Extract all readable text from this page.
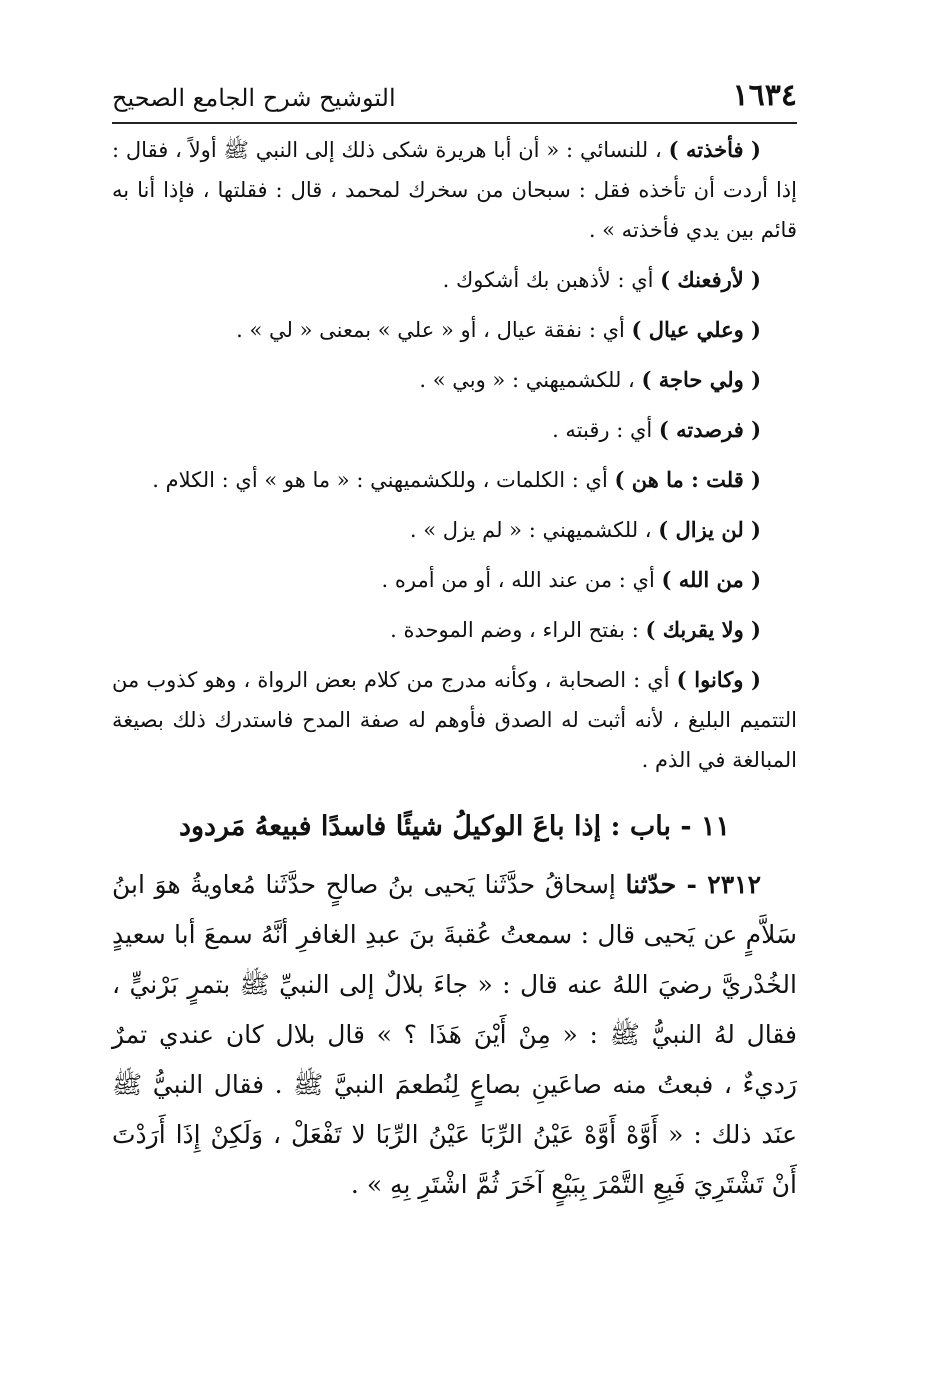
١٦٣٤
التوشيح شرح الجامع الصحيح

( فأخذته ) ، للنسائي : « أن أبا هريرة شكى ذلك إلى النبي ﷺ أولاً ، فقال : إذا أردت أن تأخذه فقل : سبحان من سخرك لمحمد ، قال : فقلتها ، فإذا أنا به قائم بين يدي فأخذته » .

( لأرفعنك ) أي : لأذهبن بك أشكوك .

( وعلي عيال ) أي : نفقة عيال ، أو « علي » بمعنى « لي » .

( ولي حاجة ) ، للكشميهني : « وبي » .

( فرصدته ) أي : رقبته .

( قلت : ما هن ) أي : الكلمات ، وللكشميهني : « ما هو » أي : الكلام .

( لن يزال ) ، للكشميهني : « لم يزل » .

( من الله ) أي : من عند الله ، أو من أمره .

( ولا يقربك ) : بفتح الراء ، وضم الموحدة .

( وكانوا ) أي : الصحابة ، وكأنه مدرج من كلام بعض الرواة ، وهو كذوب من التتميم البليغ ، لأنه أثبت له الصدق فأوهم له صفة المدح فاستدرك ذلك بصيغة المبالغة في الذم .

١١ - باب : إذا باعَ الوكيلُ شيئًا فاسدًا فبيعهُ مَردود

٢٣١٢ - حدّثنا إسحاقُ حدَّثَنا يَحيى بنُ صالحٍ حدَّثَنا مُعاويةُ هوَ ابنُ سَلاَّمٍ عن يَحيى قال : سمعتُ عُقبةَ بنَ عبدِ الغافرِ أنَّهُ سمعَ أبا سعيدٍ الخُدْريَّ رضيَ اللهُ عنه قال : « جاءَ بلالٌ إلى النبيِّ ﷺ بتمرٍ بَرْنيٍّ ، فقال لهُ النبيُّ ﷺ : « مِنْ أَيْنَ هَذَا ؟ » قال بلال كان عندي تمرٌ رَديءٌ ، فبعتُ منه صاعَينِ بصاعٍ لِنُطعمَ النبيَّ ﷺ . فقال النبيُّ ﷺ عنَد ذلك : « أَوَّهْ أَوَّهْ عَيْنُ الرِّبَا عَيْنُ الرِّبَا لا تَفْعَلْ ، وَلَكِنْ إِذَا أَرَدْتَ أَنْ تَشْتَرِيَ فَبِعِ التَّمْرَ بِبَيْعٍ آخَرَ ثُمَّ اشْتَرِ بِهِ » .
